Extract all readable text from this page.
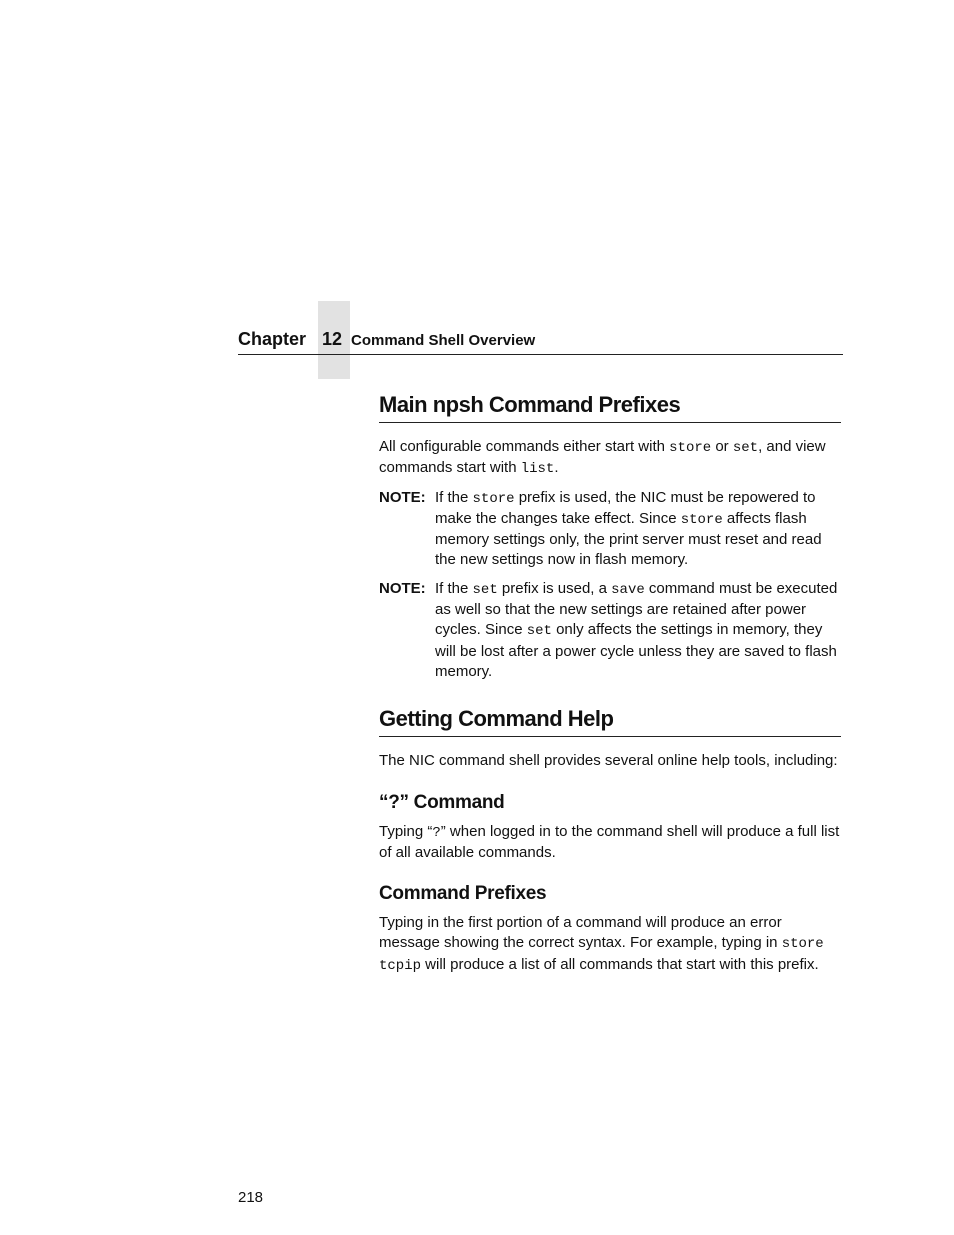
Chapter 12 Command Shell Overview
Main npsh Command Prefixes

All configurable commands either start with store or set, and view commands start with list.

NOTE: If the store prefix is used, the NIC must be repowered to make the changes take effect. Since store affects flash memory settings only, the print server must reset and read the new settings now in flash memory.
NOTE: If the set prefix is used, a save command must be executed as well so that the new settings are retained after power cycles. Since set only affects the settings in memory, they will be lost after a power cycle unless they are saved to flash memory.
Getting Command Help

The NIC command shell provides several online help tools, including:

“?” Command

Typing “?” when logged in to the command shell will produce a full list of all available commands.

Command Prefixes

Typing in the first portion of a command will produce an error message showing the correct syntax. For example, typing in store tcpip will produce a list of all commands that start with this prefix.

218
